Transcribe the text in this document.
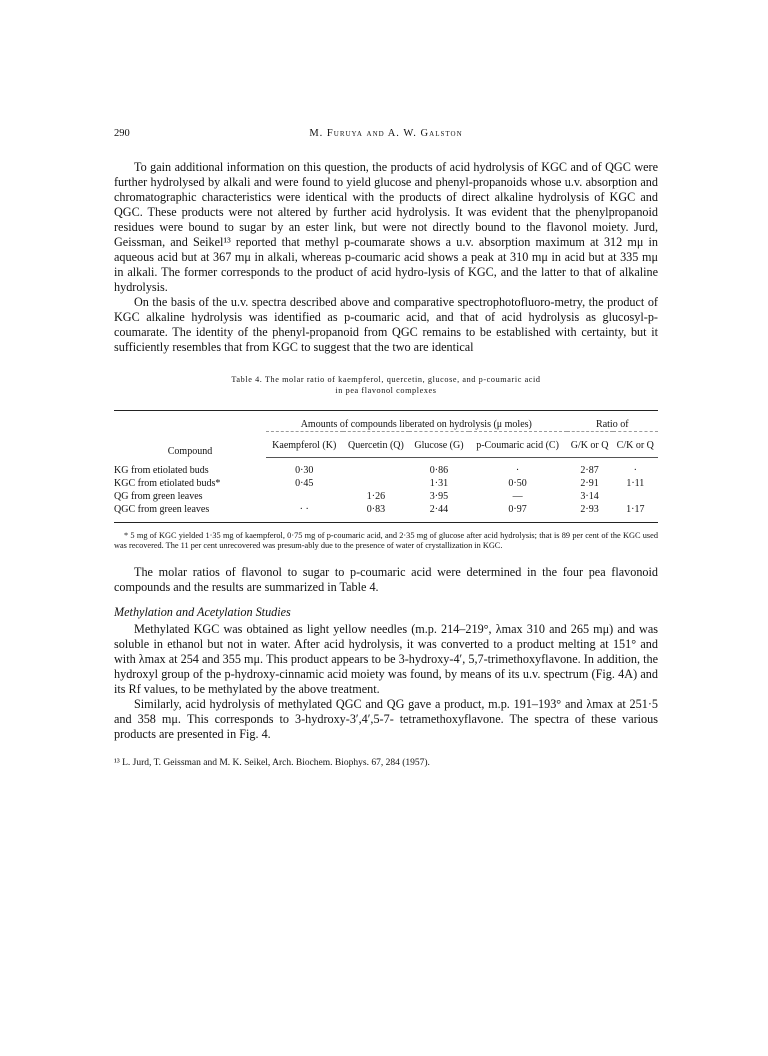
290	M. Furuya and A. W. Galston

To gain additional information on this question, the products of acid hydrolysis of KGC and of QGC were further hydrolysed by alkali and were found to yield glucose and phenyl-propanoids whose u.v. absorption and chromatographic characteristics were identical with the products of direct alkaline hydrolysis of KGC and QGC. These products were not altered by further acid hydrolysis. It was evident that the phenylpropanoid residues were bound to sugar by an ester link, but were not directly bound to the flavonol moiety. Jurd, Geissman, and Seikel¹³ reported that methyl p-coumarate shows a u.v. absorption maximum at 312 mμ in aqueous acid but at 367 mμ in alkali, whereas p-coumaric acid shows a peak at 310 mμ in acid but at 335 mμ in alkali. The former corresponds to the product of acid hydro-lysis of KGC, and the latter to that of alkaline hydrolysis.

On the basis of the u.v. spectra described above and comparative spectrophotofluoro-metry, the product of KGC alkaline hydrolysis was identified as p-coumaric acid, and that of acid hydrolysis as glucosyl-p-coumarate. The identity of the phenyl-propanoid from QGC remains to be established with certainty, but it sufficiently resembles that from KGC to suggest that the two are identical

Table 4. The molar ratio of kaempferol, quercetin, glucose, and p-coumaric acid
in pea flavonol complexes
Compound	Amounts of compounds liberated on hydrolysis (μ moles)				Ratio of	
	Kaempferol (K)	Quercetin (Q)	Glucose (G)	p-Coumaric acid (C)	G/K or Q	C/K or Q
KG from etiolated buds	0·30		0·86	·	2·87	·
KGC from etiolated buds*	0·45		1·31	0·50	2·91	1·11
QG from green leaves		1·26	3·95	—	3·14	
QGC from green leaves	· ·	0·83	2·44	0·97	2·93	1·17

* 5 mg of KGC yielded 1·35 mg of kaempferol, 0·75 mg of p-coumaric acid, and 2·35 mg of glucose after acid hydrolysis; that is 89 per cent of the KGC used was recovered. The 11 per cent unrecovered was presum-ably due to the presence of water of crystallization in KGC.

The molar ratios of flavonol to sugar to p-coumaric acid were determined in the four pea flavonoid compounds and the results are summarized in Table 4.

Methylation and Acetylation Studies

Methylated KGC was obtained as light yellow needles (m.p. 214–219°, λmax 310 and 265 mμ) and was soluble in ethanol but not in water. After acid hydrolysis, it was converted to a product melting at 151° and with λmax at 254 and 355 mμ. This product appears to be 3-hydroxy-4′, 5,7-trimethoxyflavone. In addition, the hydroxyl group of the p-hydroxy-cinnamic acid moiety was found, by means of its u.v. spectrum (Fig. 4A) and its Rf values, to be methylated by the above treatment.

Similarly, acid hydrolysis of methylated QGC and QG gave a product, m.p. 191–193° and λmax at 251·5 and 358 mμ. This corresponds to 3-hydroxy-3′,4′,5-7- tetramethoxyflavone. The spectra of these various products are presented in Fig. 4.

¹³ L. Jurd, T. Geissman and M. K. Seikel, Arch. Biochem. Biophys. 67, 284 (1957).
